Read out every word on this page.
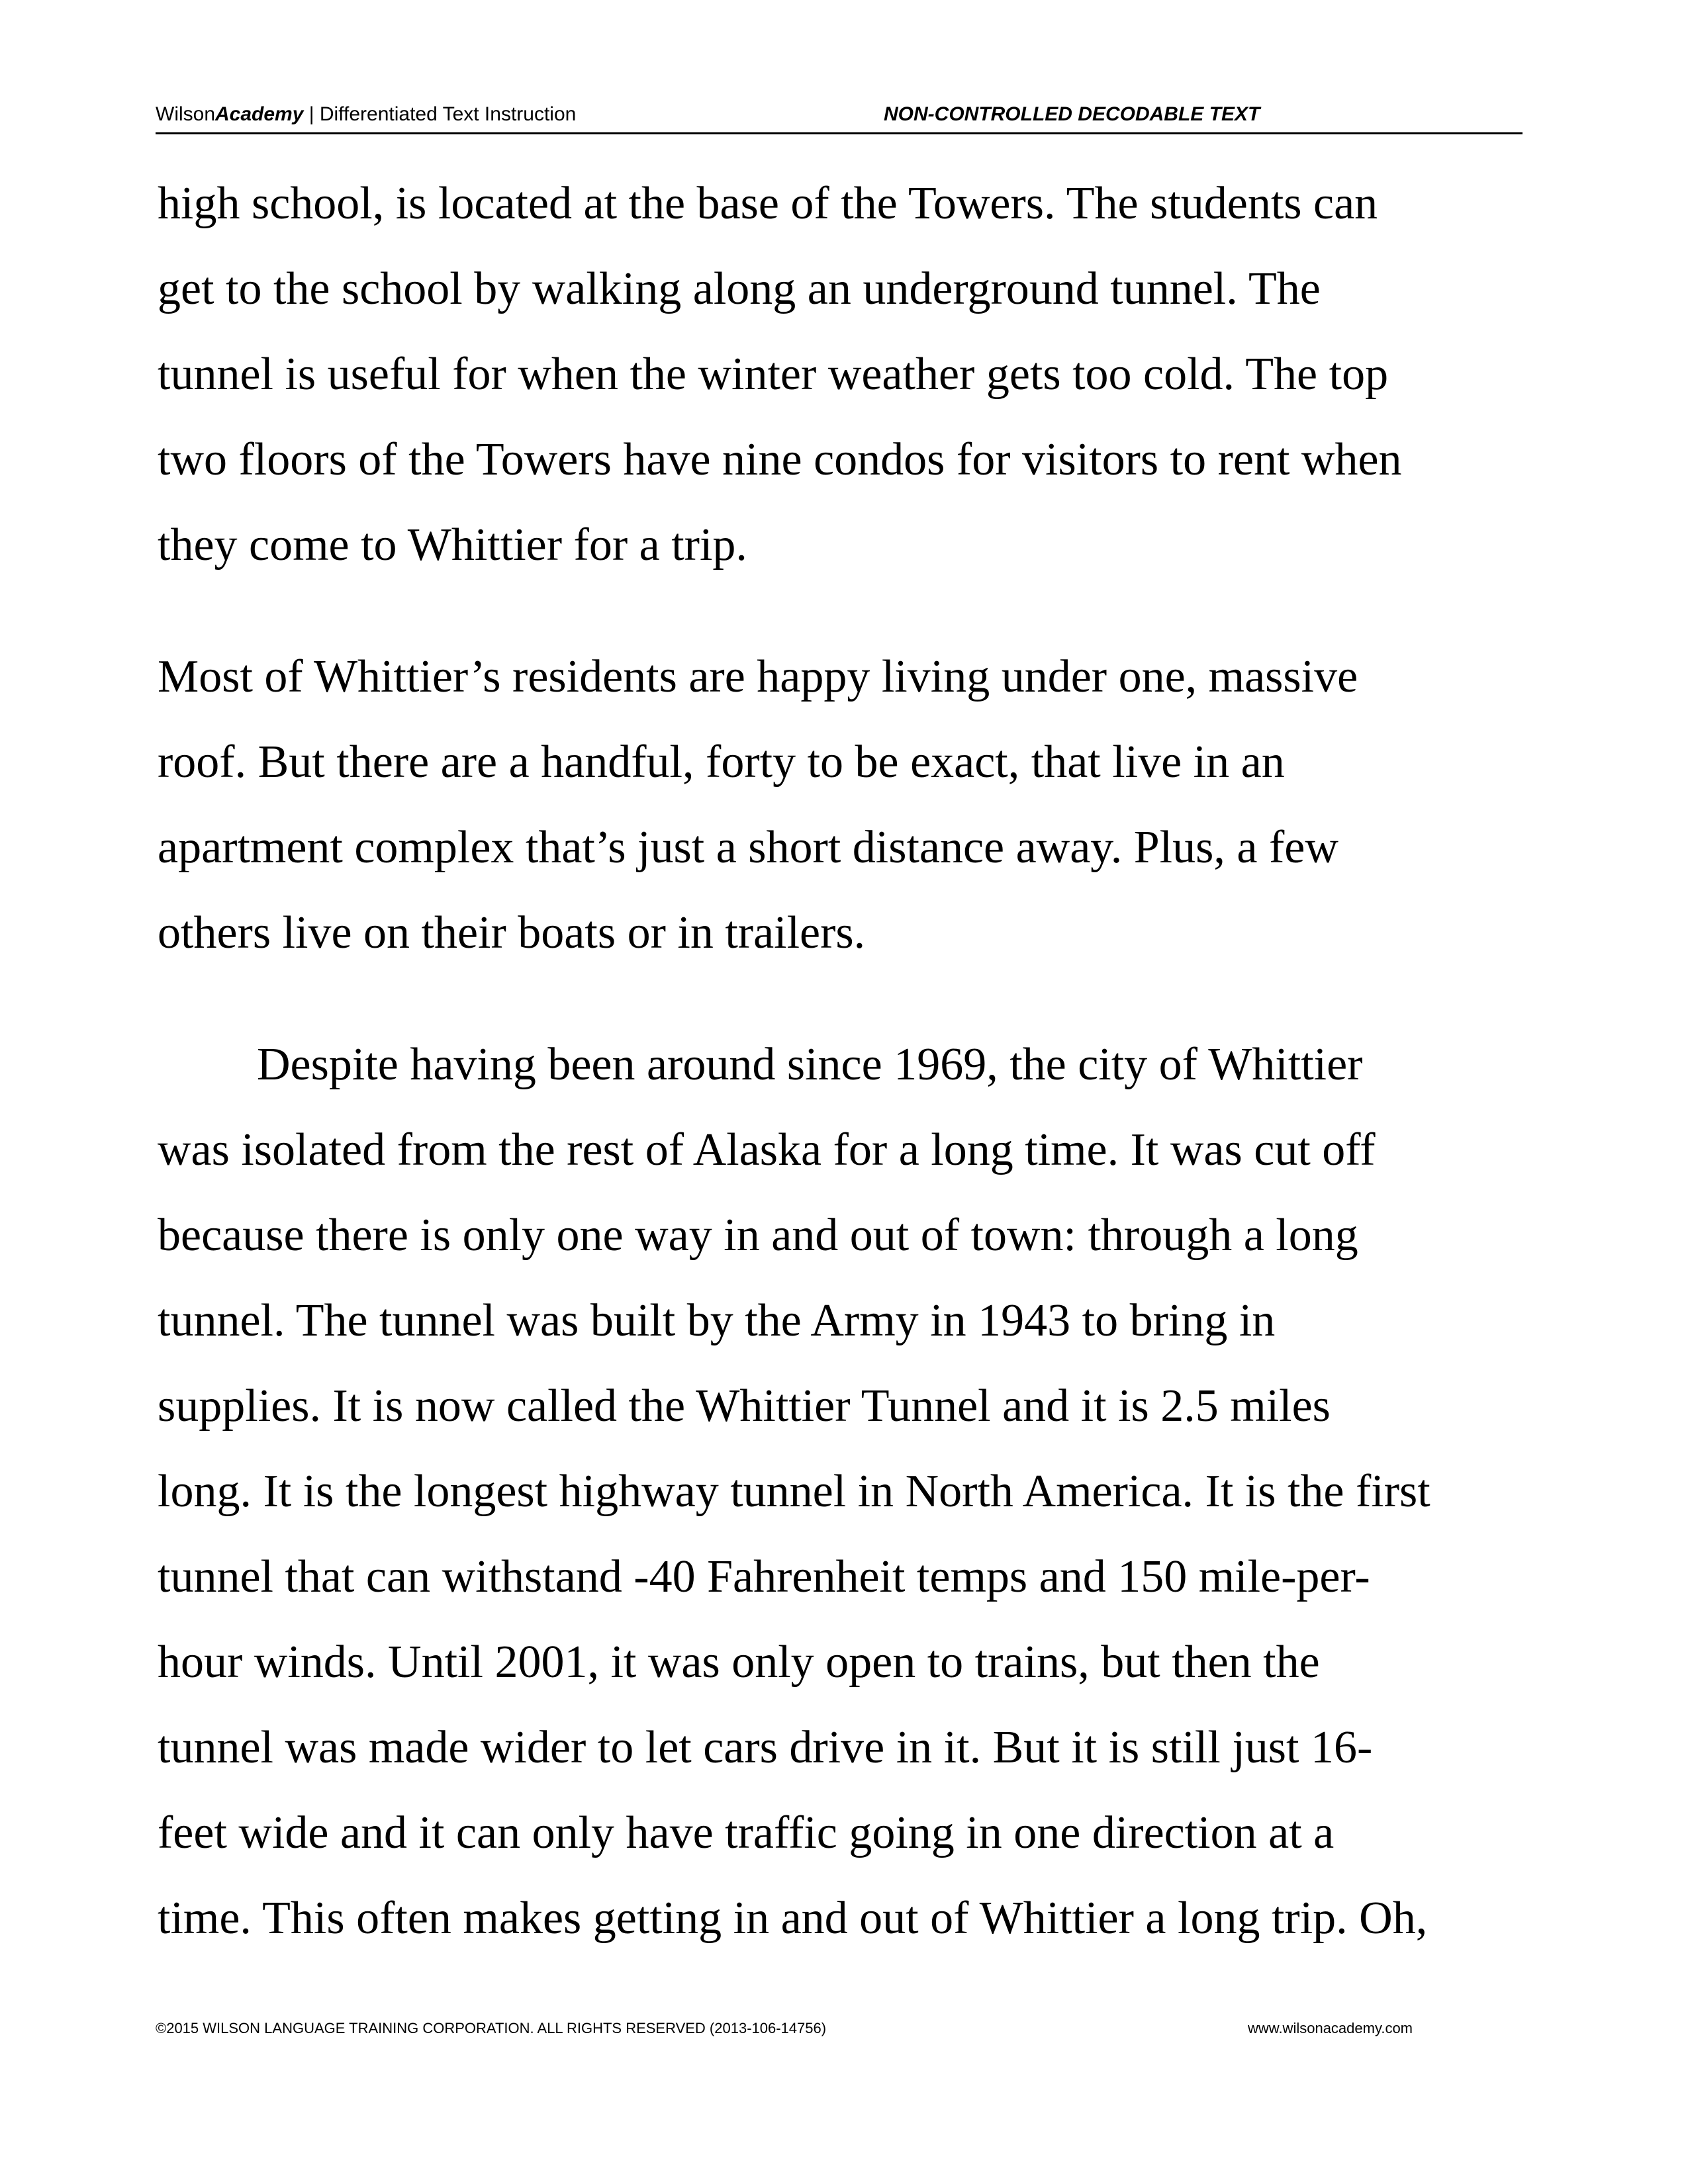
WilsonAcademy | Differentiated Text Instruction	NON-CONTROLLED DECODABLE TEXT
high school, is located at the base of the Towers. The students can
get to the school by walking along an underground tunnel. The
tunnel is useful for when the winter weather gets too cold. The top
two floors of the Towers have nine condos for visitors to rent when
they come to Whittier for a trip.
Most of Whittier’s residents are happy living under one, massive
roof. But there are a handful, forty to be exact, that live in an
apartment complex that’s just a short distance away. Plus, a few
others live on their boats or in trailers.
Despite having been around since 1969, the city of Whittier
was isolated from the rest of Alaska for a long time. It was cut off
because there is only one way in and out of town: through a long
tunnel. The tunnel was built by the Army in 1943 to bring in
supplies. It is now called the Whittier Tunnel and it is 2.5 miles
long. It is the longest highway tunnel in North America. It is the first
tunnel that can withstand -40 Fahrenheit temps and 150 mile-per-
hour winds. Until 2001, it was only open to trains, but then the
tunnel was made wider to let cars drive in it. But it is still just 16-
feet wide and it can only have traffic going in one direction at a
time. This often makes getting in and out of Whittier a long trip. Oh,
©2015 WILSON LANGUAGE TRAINING CORPORATION. ALL RIGHTS RESERVED (2013-106-14756)	www.wilsonacademy.com
